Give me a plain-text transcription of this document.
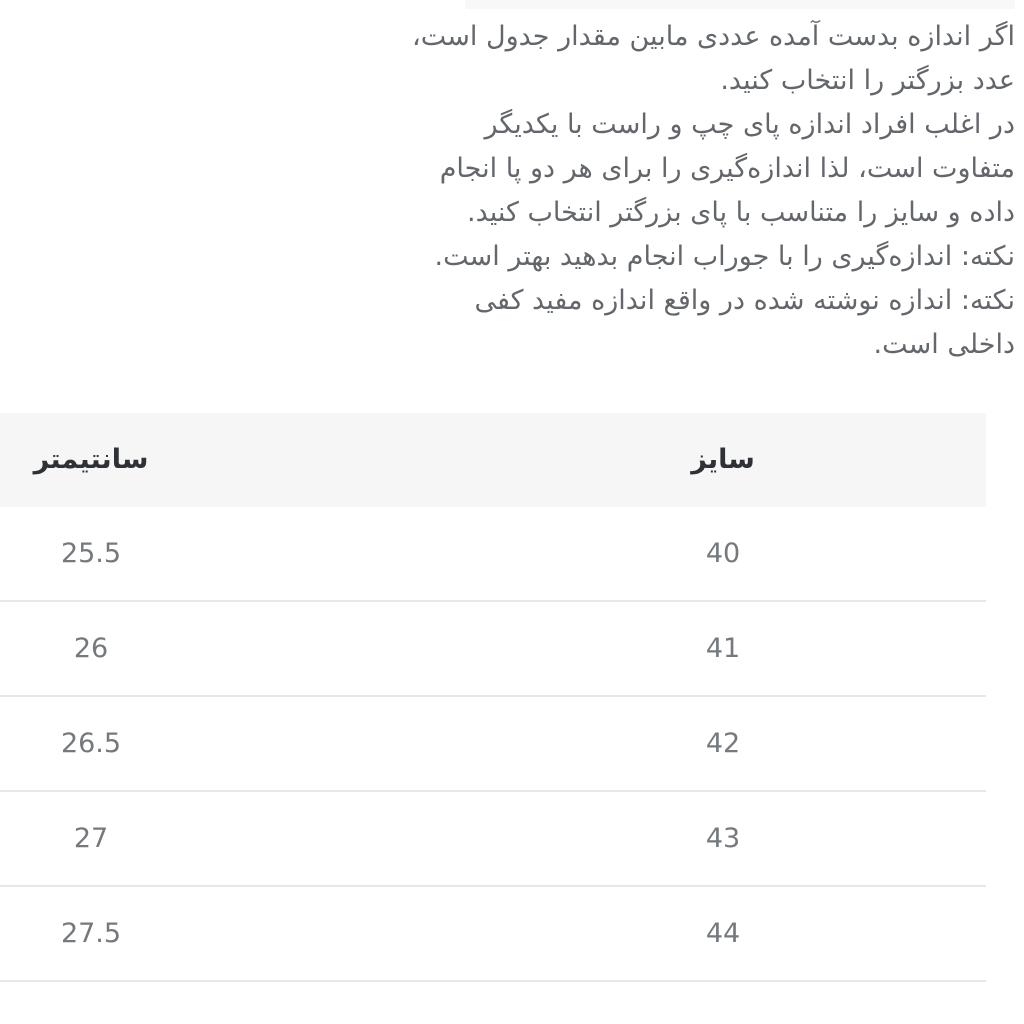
اگر اندازه بدست آمده عددی مابین مقدار جدول است،
عدد بزرگتر را انتخاب کنید.
در اغلب افراد اندازه پای چپ و راست با یکدیگر
متفاوت است، لذا اندازه‌گیری را برای هر دو پا انجام
داده و سایز را متناسب با پای بزرگتر انتخاب کنید.
نکته: اندازه‌گیری را با جوراب انجام بدهید بهتر است.
نکته: اندازه نوشته شده در واقع اندازه مفید کفی
داخلی است.
سایز
سانتیمتر
40
25.5
41
26
42
26.5
43
27
44
27.5
